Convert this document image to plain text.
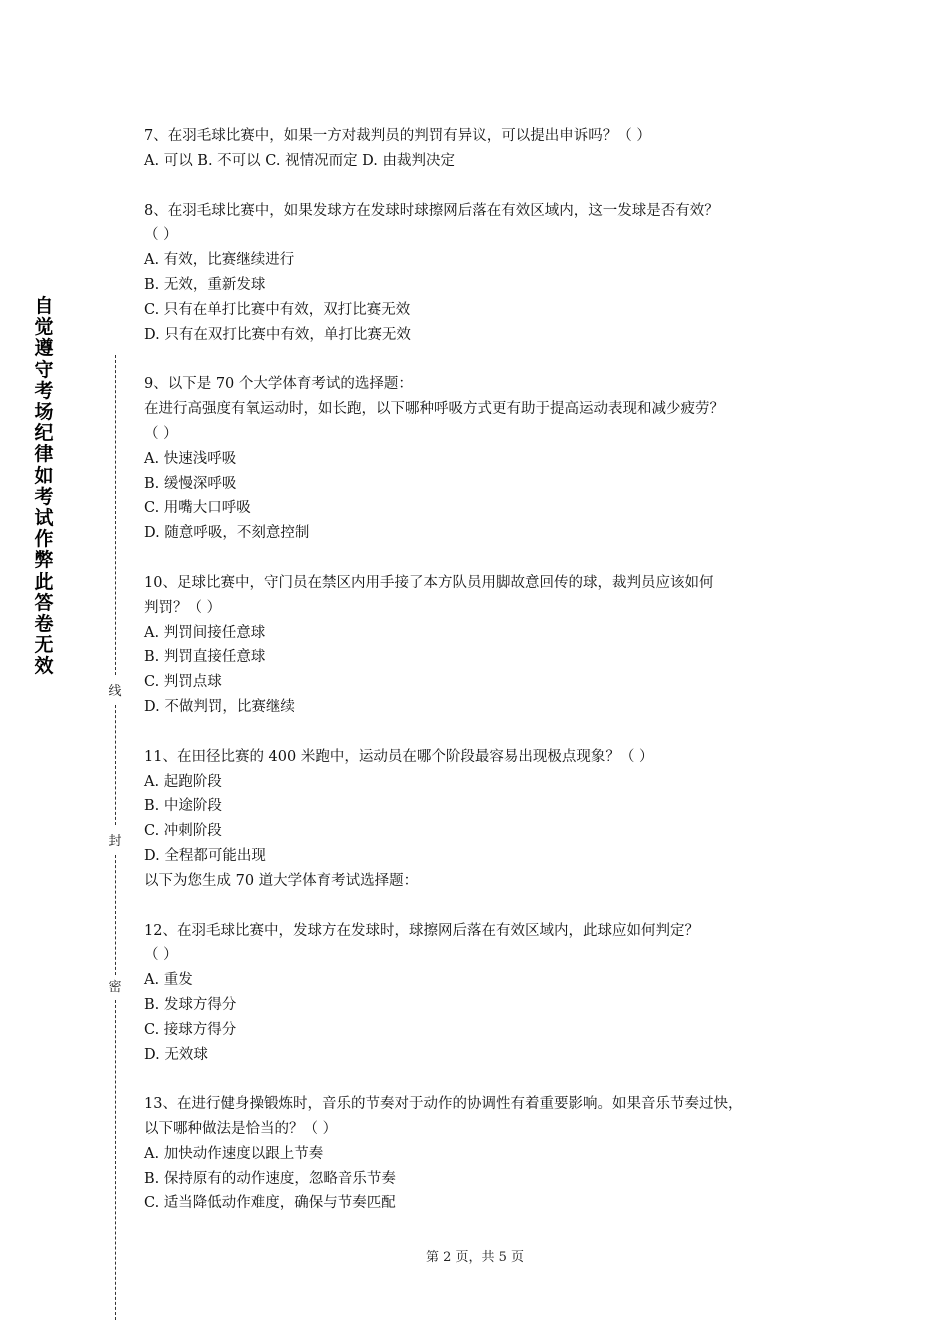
自觉遵守考场纪律如考试作弊此答卷无效
线
封
密
7、在羽毛球比赛中，如果一方对裁判员的判罚有异议，可以提出申诉吗？（ ）
A. 可以 B. 不可以 C. 视情况而定 D. 由裁判决定
8、在羽毛球比赛中，如果发球方在发球时球擦网后落在有效区域内，这一发球是否有效？
（ ）
A. 有效，比赛继续进行
B. 无效，重新发球
C. 只有在单打比赛中有效，双打比赛无效
D. 只有在双打比赛中有效，单打比赛无效
9、以下是 70 个大学体育考试的选择题：
在进行高强度有氧运动时，如长跑，以下哪种呼吸方式更有助于提高运动表现和减少疲劳？
（ ）
A. 快速浅呼吸
B. 缓慢深呼吸
C. 用嘴大口呼吸
D. 随意呼吸，不刻意控制
10、足球比赛中，守门员在禁区内用手接了本方队员用脚故意回传的球，裁判员应该如何
判罚？（ ）
A. 判罚间接任意球
B. 判罚直接任意球
C. 判罚点球
D. 不做判罚，比赛继续
11、在田径比赛的 400 米跑中，运动员在哪个阶段最容易出现极点现象？（ ）
A. 起跑阶段
B. 中途阶段
C. 冲刺阶段
D. 全程都可能出现
以下为您生成 70 道大学体育考试选择题：
12、在羽毛球比赛中，发球方在发球时，球擦网后落在有效区域内，此球应如何判定？
（ ）
A. 重发
B. 发球方得分
C. 接球方得分
D. 无效球
13、在进行健身操锻炼时，音乐的节奏对于动作的协调性有着重要影响。如果音乐节奏过快，
以下哪种做法是恰当的？（ ）
A. 加快动作速度以跟上节奏
B. 保持原有的动作速度，忽略音乐节奏
C. 适当降低动作难度，确保与节奏匹配
第 2 页，共 5 页
